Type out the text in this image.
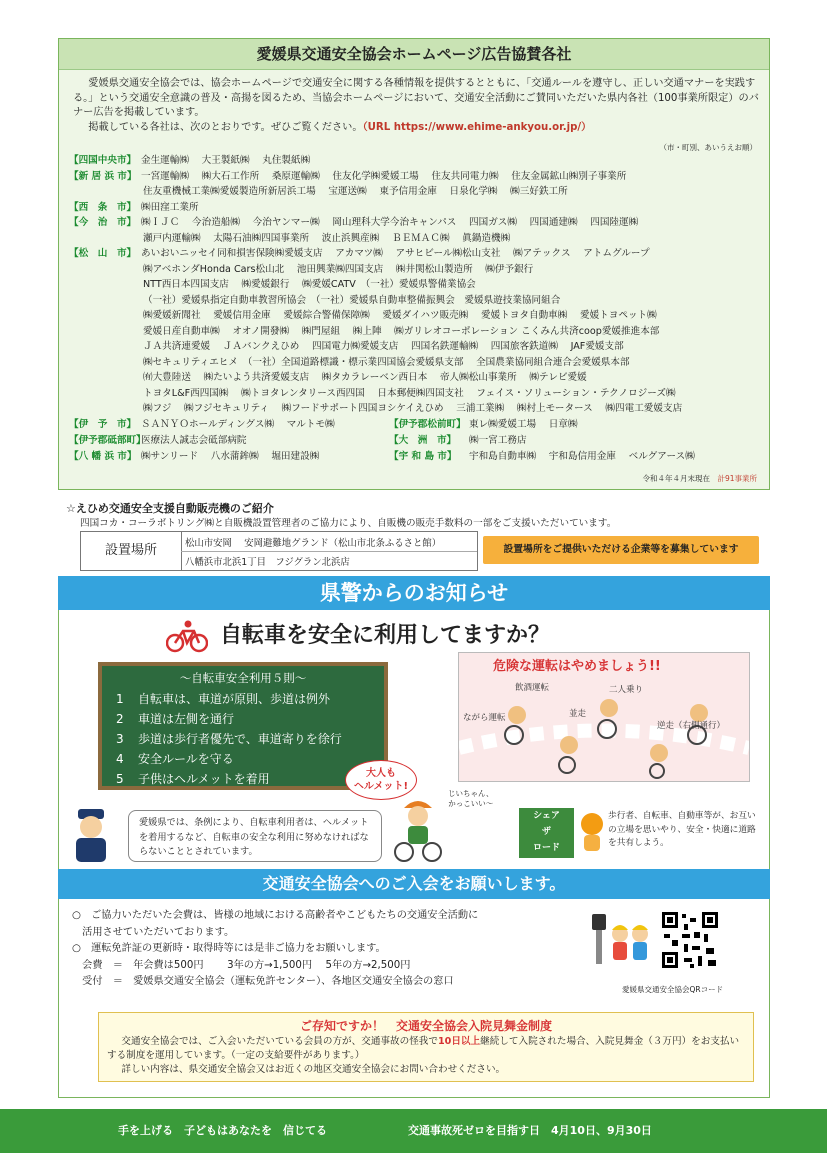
愛媛県交通安全協会ホームページ広告協賛各社

愛媛県交通安全協会では、協会ホームページで交通安全に関する各種情報を提供するとともに、「交通ルールを遵守し、正しい交通マナーを実践する。」という交通安全意識の普及・高揚を図るため、当協会ホームページにおいて、交通安全活動にご賛同いただいた県内各社（100事業所限定）のバナー広告を掲載しています。

掲載している各社は、次のとおりです。ぜひご覧ください。（URL https://www.ehime-ankyou.or.jp/）

（市・町別、あいうえお順）
【四国中央市】 金生運輸㈱　 大王製紙㈱　 丸住製紙㈱
【新 居 浜 市】 一宮運輸㈱　 ㈱大石工作所　 桑原運輸㈱　 住友化学㈱愛媛工場　 住友共同電力㈱　 住友金属鉱山㈱別子事業所
住友重機械工業㈱愛媛製造所新居浜工場　 宝運送㈱　 東予信用金庫　 日泉化学㈱　 ㈱三好鉄工所
【西　条　市】 ㈱田窪工業所
【今　治　市】 ㈱ＩＪＣ　 今治造船㈱　 今治ヤンマー㈱　 岡山理科大学今治キャンパス　 四国ガス㈱　 四国通建㈱　 四国陸運㈱
瀬戸内運輸㈱　 太陽石油㈱四国事業所　 波止浜興産㈱　 ＢＥＭＡＣ㈱　 眞鍋造機㈱
【松　山　市】 あいおいニッセイ同和損害保険㈱愛媛支店　 アカマツ㈱　 アサヒビール㈱松山支社　 ㈱アテックス　 アトムグループ
㈱アベホンダHonda Cars松山北　 池田興業㈱四国支店　 ㈱井関松山製造所　 ㈱伊予銀行
NTT西日本四国支店　 ㈱愛媛銀行　 ㈱愛媛CATV　（一社）愛媛県警備業協会
（一社）愛媛県指定自動車教習所協会　（一社）愛媛県自動車整備振興会　愛媛県遊技業協同組合
㈱愛媛新聞社　 愛媛信用金庫　 愛媛綜合警備保障㈱　 愛媛ダイハツ販売㈱　 愛媛トヨタ自動車㈱　 愛媛トヨペット㈱
愛媛日産自動車㈱　 オオノ開發㈱　 ㈱門屋組　 ㈱上陣　 ㈱ガリレオコーポレーション こくみん共済coop愛媛推進本部
ＪＡ共済連愛媛　 ＪＡバンクえひめ　 四国電力㈱愛媛支店　 四国名鉄運輸㈱　 四国旅客鉄道㈱　 JAF愛媛支部
㈱セキュリティエヒメ　（一社）全国道路標識・標示業四国協会愛媛県支部　 全国農業協同組合連合会愛媛県本部
㈲大豊陸送　 ㈱たいよう共済愛媛支店　 ㈱タカラレーベン西日本　 帝人㈱松山事業所　 ㈱テレビ愛媛
トヨタL&F西四国㈱　 ㈱トヨタレンタリース西四国　 日本郵便㈱四国支社　 フェイス・ソリューション・テクノロジーズ㈱
㈱フジ　 ㈱フジセキュリティ　 ㈱フードサポート四国ヨシケイえひめ　 三浦工業㈱　 ㈱村上モータース　 ㈱四電工愛媛支店
【伊　予　市】 ＳＡＮＹＯホールディングス㈱　 マルトモ㈱	【伊予郡松前町】 東レ㈱愛媛工場　 日章㈱
【伊予郡砥部町】医療法人誠志会砥部病院	【大　洲　市】 ㈱一宮工務店
【八 幡 浜 市】 ㈱サンリード　 八水蒲鉾㈱　 堀田建設㈱	【宇 和 島 市】 宇和島自動車㈱　 宇和島信用金庫　 ベルグアース㈱
令和４年４月末現在　 計91事業所
☆えひめ交通安全支援自動販売機のご紹介
四国コカ・コーラボトリング㈱と自販機設置管理者のご協力により、自販機の販売手数料の一部をご支援いただいています。
設置場所	松山市安岡　 安岡避難地グランド（松山市北条ふるさと館）
八幡浜市北浜1丁目　フジグラン北浜店
設置場所をご提供いただける企業等を募集しています
県警からのお知らせ
自転車を安全に利用してますか？
〜自転車安全利用５則〜
1 自転車は、車道が原則、歩道は例外
2 車道は左側を通行
3 歩道は歩行者優先で、車道寄りを徐行
4 安全ルールを守る
5 子供はヘルメットを着用
危険な運転はやめましょう!!
飲酒運転	二人乗り
ながら運転	並走
逆走（右側通行）
大人も
ヘルメット!
愛媛県では、条例により、自転車利用者は、ヘルメットを着用するなど、自転車の安全な利用に努めなければならないこととされています。
じいちゃん、
かっこいい〜
シェア
ザ
ロード
歩行者、自転車、自動車等が、お互いの立場を思いやり、安全・快適に道路を共有しよう。
交通安全協会へのご入会をお願いします。

○　ご協力いただいた会費は、皆様の地域における高齢者やこどもたちの交通安全活動に

　活用させていただいております。

○　運転免許証の更新時・取得時等には是非ご協力をお願いします。

　会費　＝　年会費は500円　　 3年の方→1,500円　 5年の方→2,500円

　受付　＝　愛媛県交通安全協会（運転免許センター）、各地区交通安全協会の窓口

愛媛県交通安全協会QRコード
ご存知ですか！　交通安全協会入院見舞金制度

交通安全協会では、ご入会いただいている会員の方が、交通事故の怪我で10日以上継続して入院された場合、入院見舞金（３万円）をお支払いする制度を運用しています。（一定の支給要件があります。）

詳しい内容は、県交通安全協会又はお近くの地区交通安全協会にお問い合わせください。

手を上げる　子どもはあなたを　信じてる	交通事故死ゼロを目指す日　4月10日、9月30日
